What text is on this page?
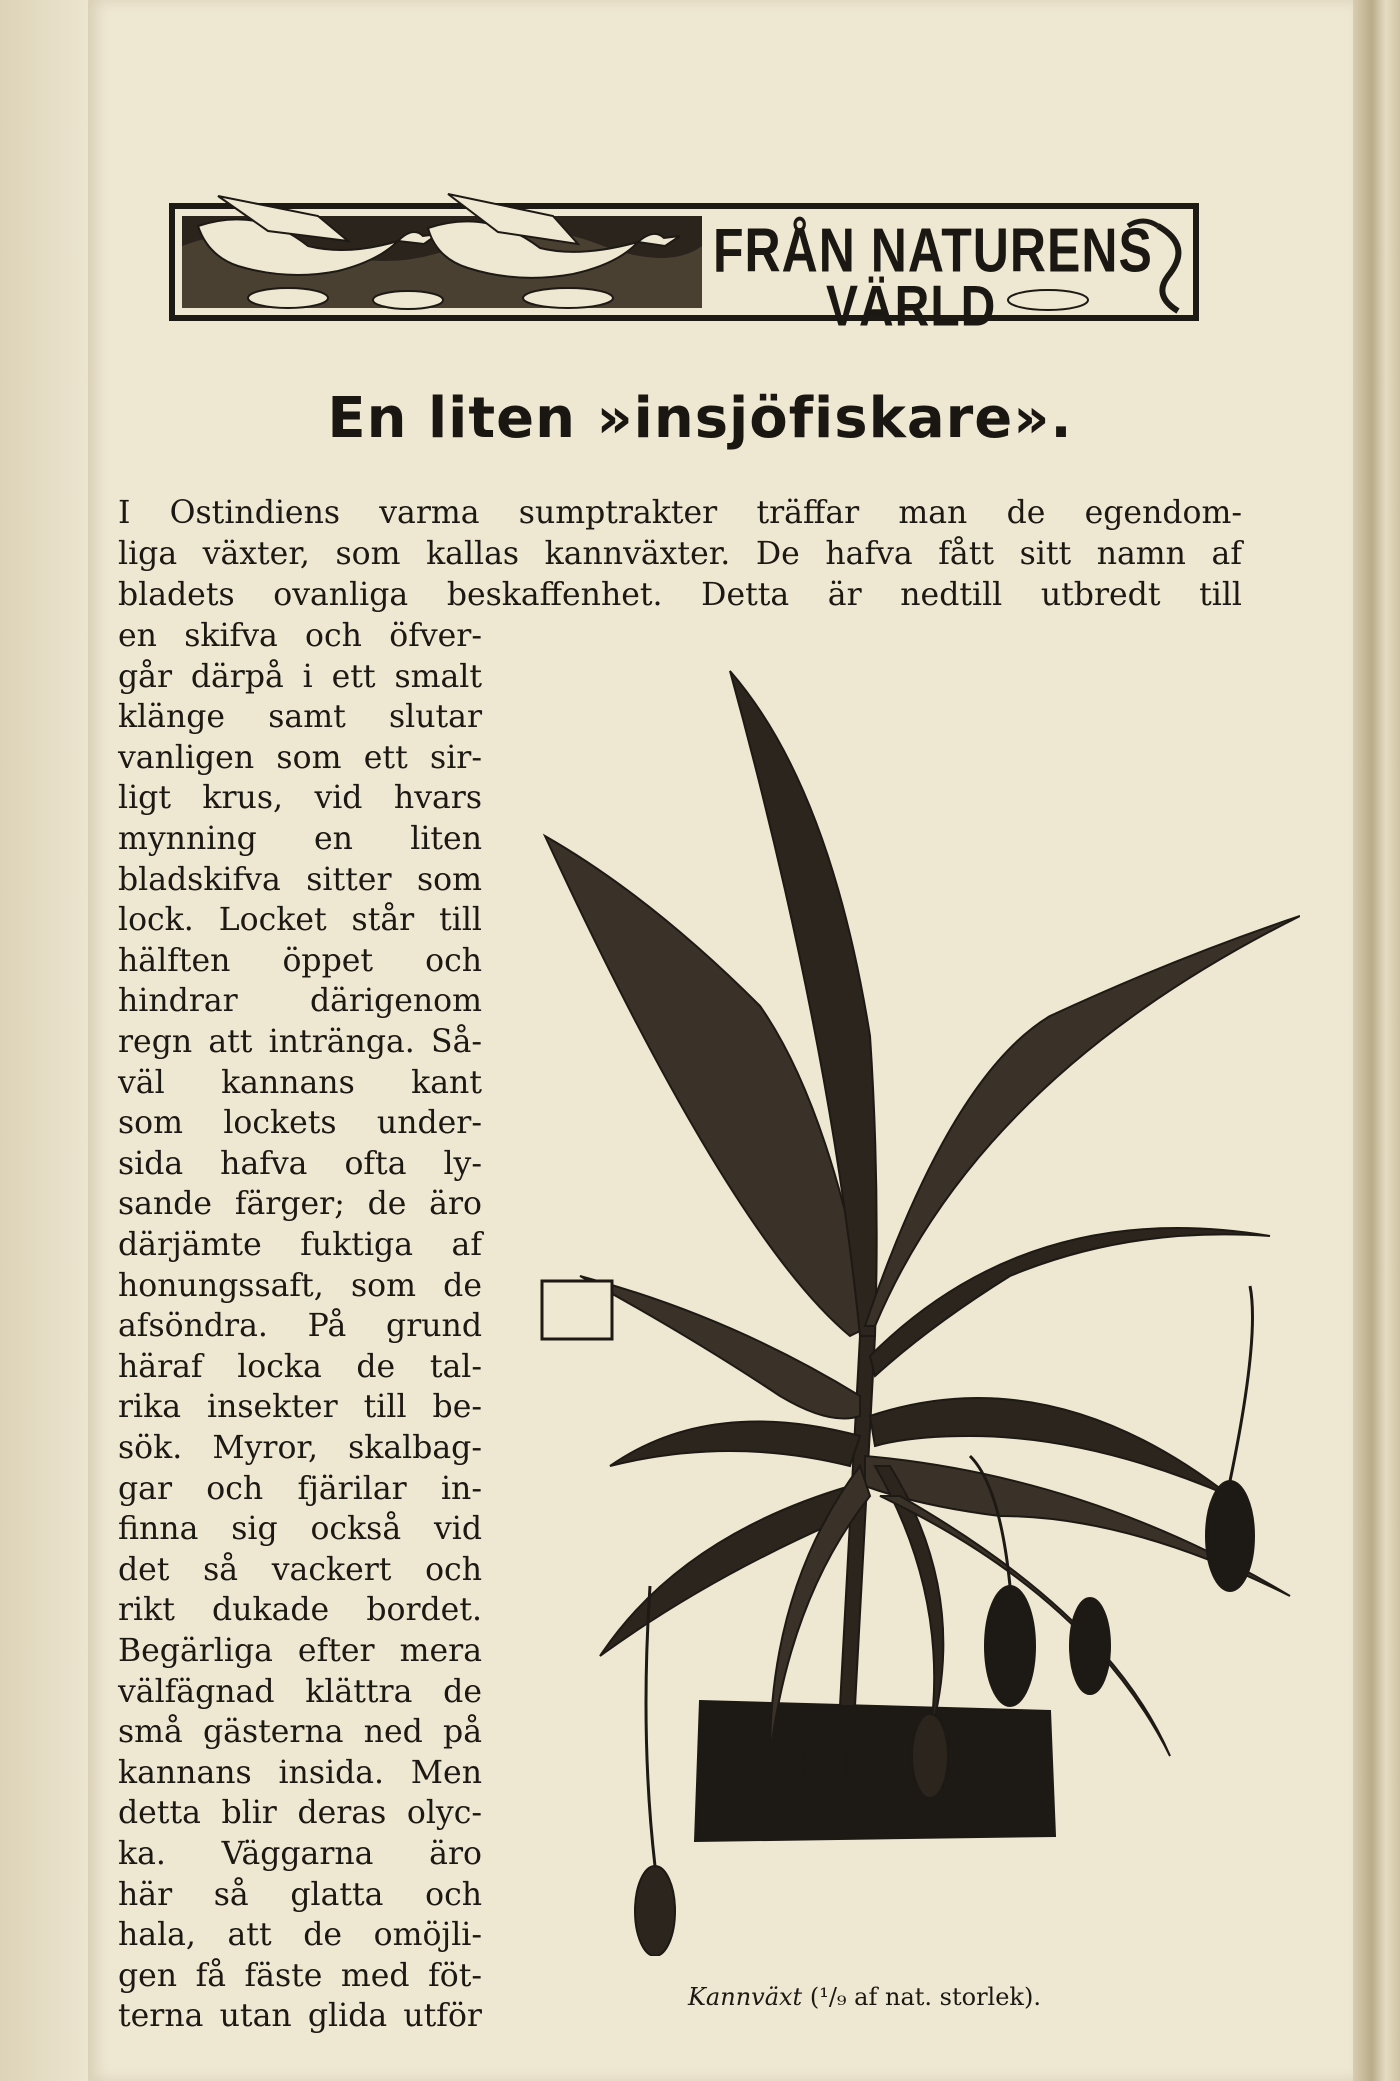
FRÅN NATURENS
VÄRLD
En liten »insjöfiskare».
I Ostindiens varma sumptrakter träffar man de egendom-
liga växter, som kallas kannväxter. De hafva fått sitt namn af
bladets ovanliga beskaffenhet. Detta är nedtill utbredt till
en skifva och öfver-
går därpå i ett smalt
klänge samt slutar
vanligen som ett sir-
ligt krus, vid hvars
mynning en liten
bladskifva sitter som
lock. Locket står till
hälften öppet och
hindrar därigenom
regn att intränga. Så-
väl kannans kant
som lockets under-
sida hafva ofta ly-
sande färger; de äro
därjämte fuktiga af
honungssaft, som de
afsöndra. På grund
häraf locka de tal-
rika insekter till be-
sök. Myror, skalbag-
gar och fjärilar in-
finna sig också vid
det så vackert och
rikt dukade bordet.
Begärliga efter mera
välfägnad klättra de
små gästerna ned på
kannans insida. Men
detta blir deras olyc-
ka. Väggarna äro
här så glatta och
hala, att de omöjli-
gen få fäste med föt-
terna utan glida utför
Kannväxt (¹/₉ af nat. storlek).
